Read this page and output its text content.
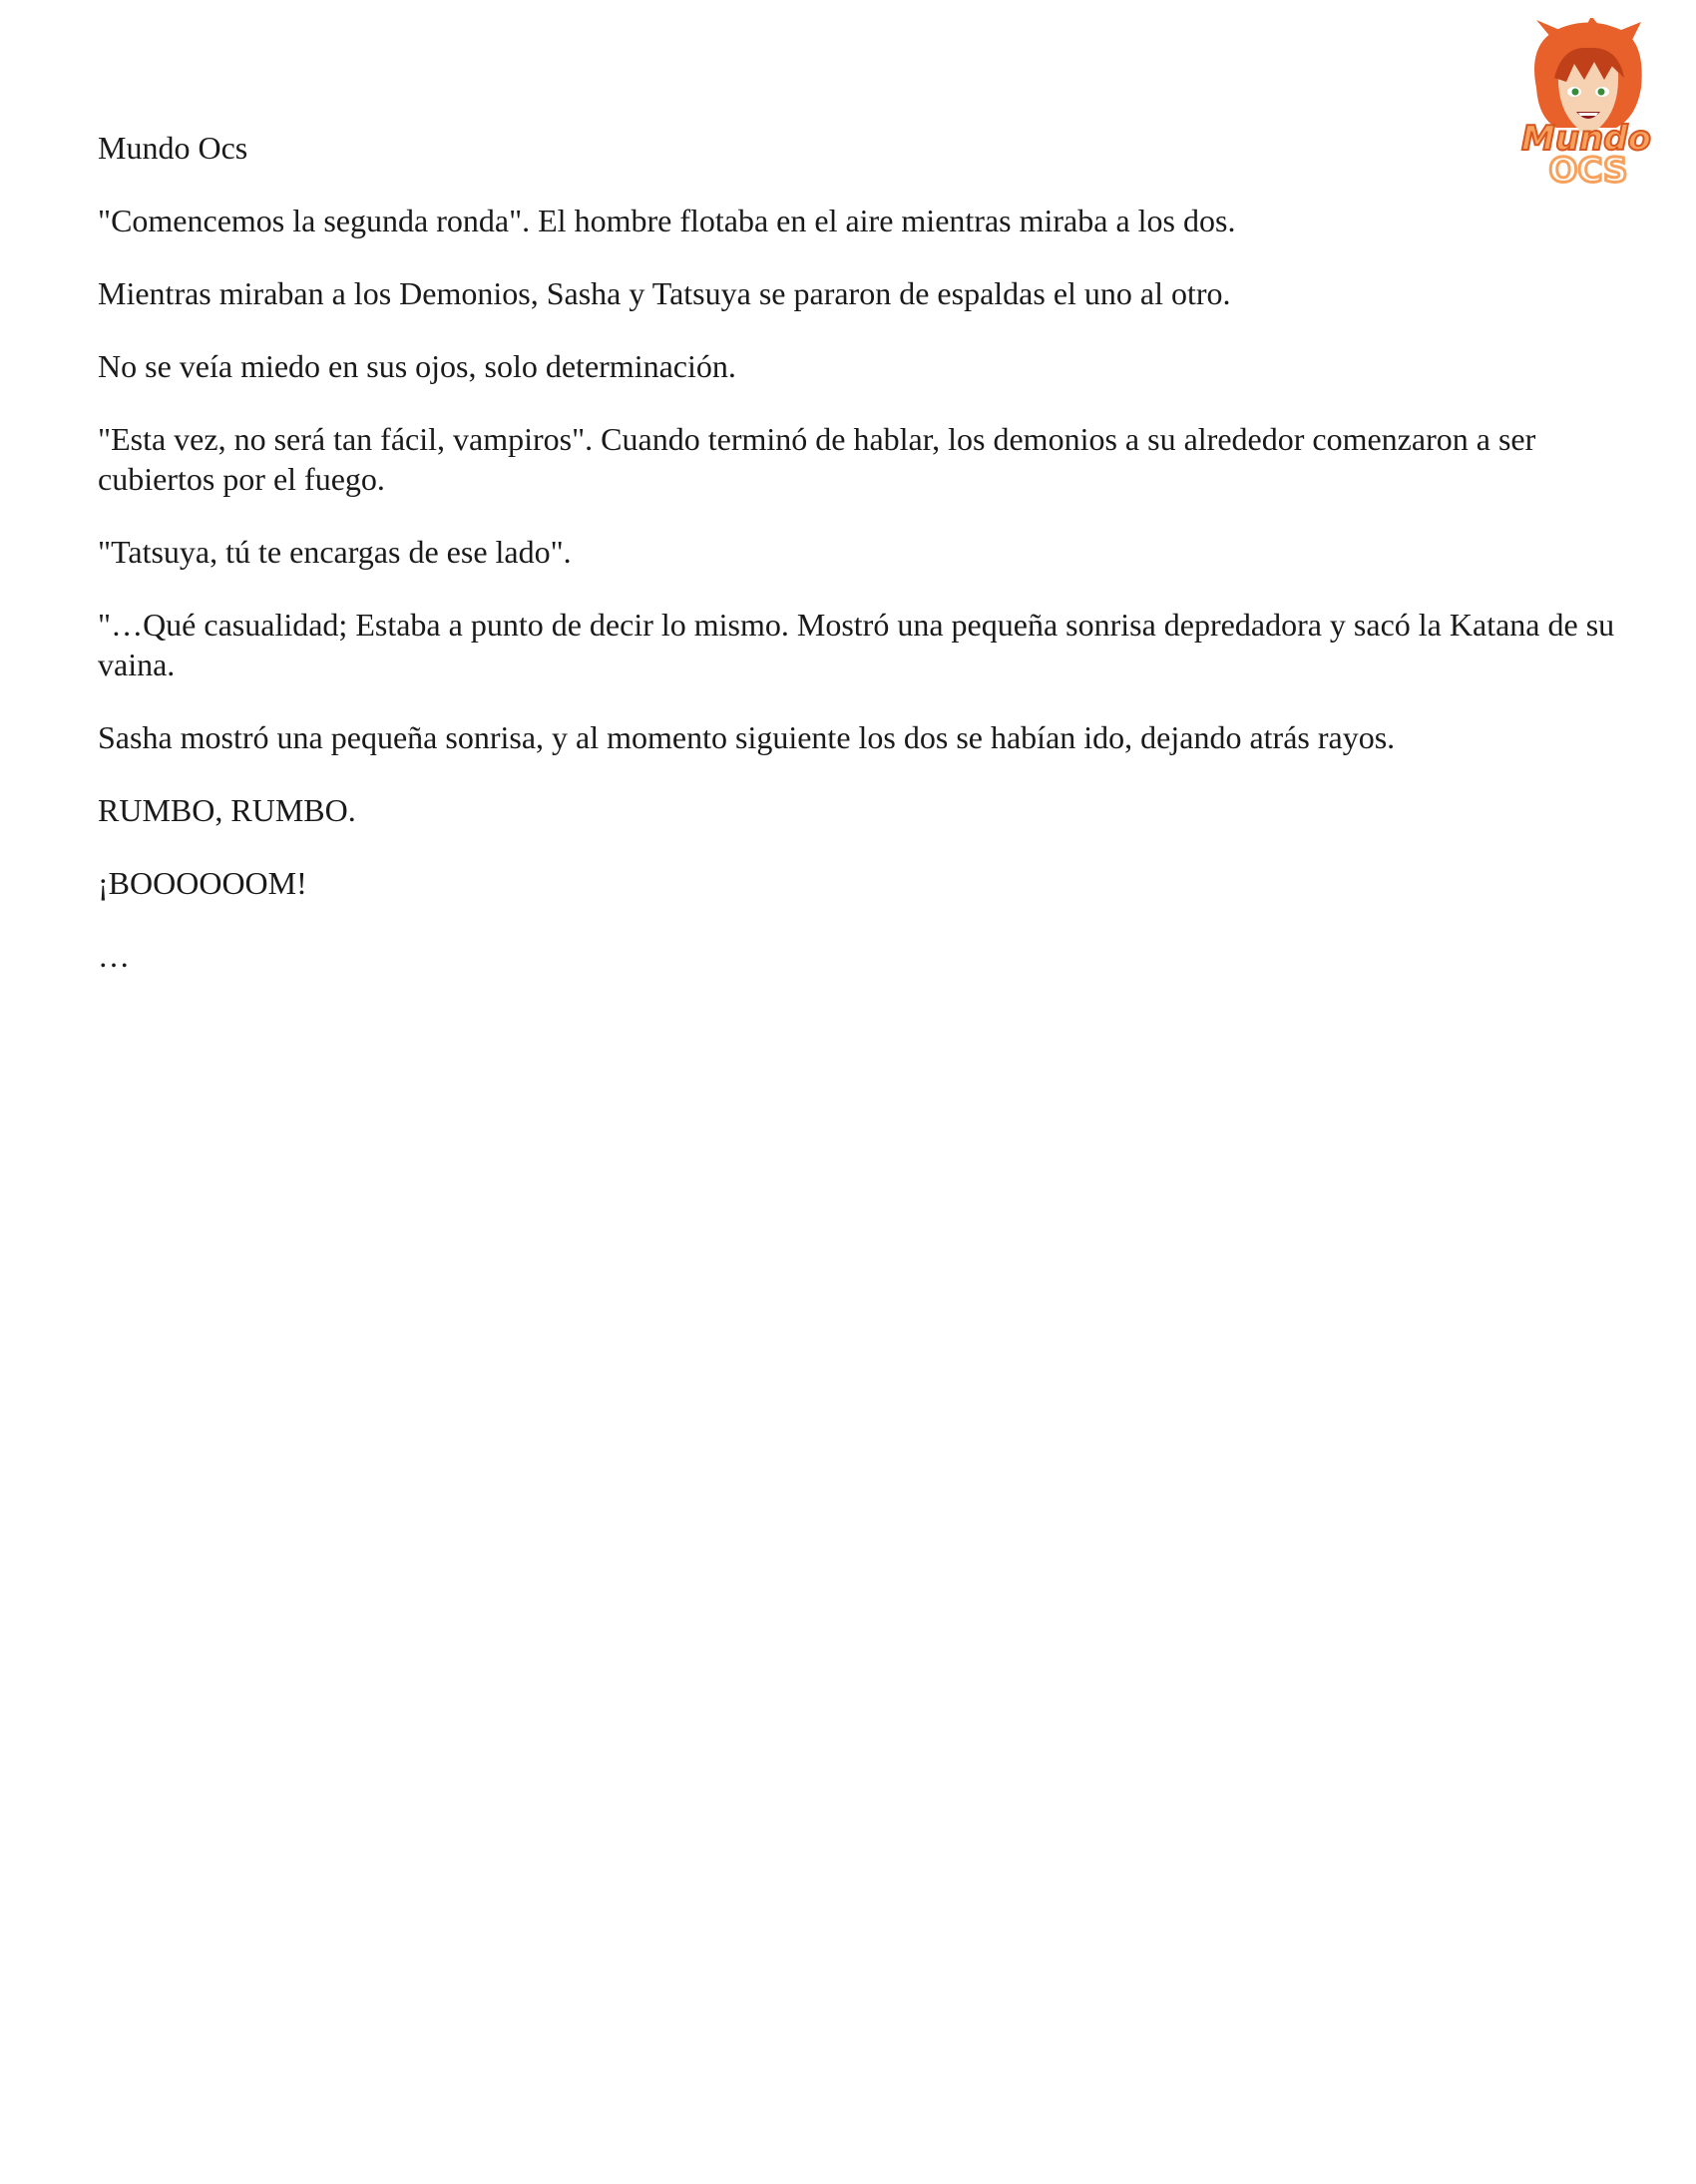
Mundo
OCS

Mundo Ocs

"Comencemos la segunda ronda". El hombre flotaba en el aire mientras miraba a los dos.

Mientras miraban a los Demonios, Sasha y Tatsuya se pararon de espaldas el uno al otro.

No se veía miedo en sus ojos, solo determinación.

"Esta vez, no será tan fácil, vampiros". Cuando terminó de hablar, los demonios a su alrededor comenzaron a ser cubiertos por el fuego.

"Tatsuya, tú te encargas de ese lado".

"…Qué casualidad; Estaba a punto de decir lo mismo. Mostró una pequeña sonrisa depredadora y sacó la Katana de su vaina.

Sasha mostró una pequeña sonrisa, y al momento siguiente los dos se habían ido, dejando atrás rayos.

RUMBO, RUMBO.

¡BOOOOOOM!

…
